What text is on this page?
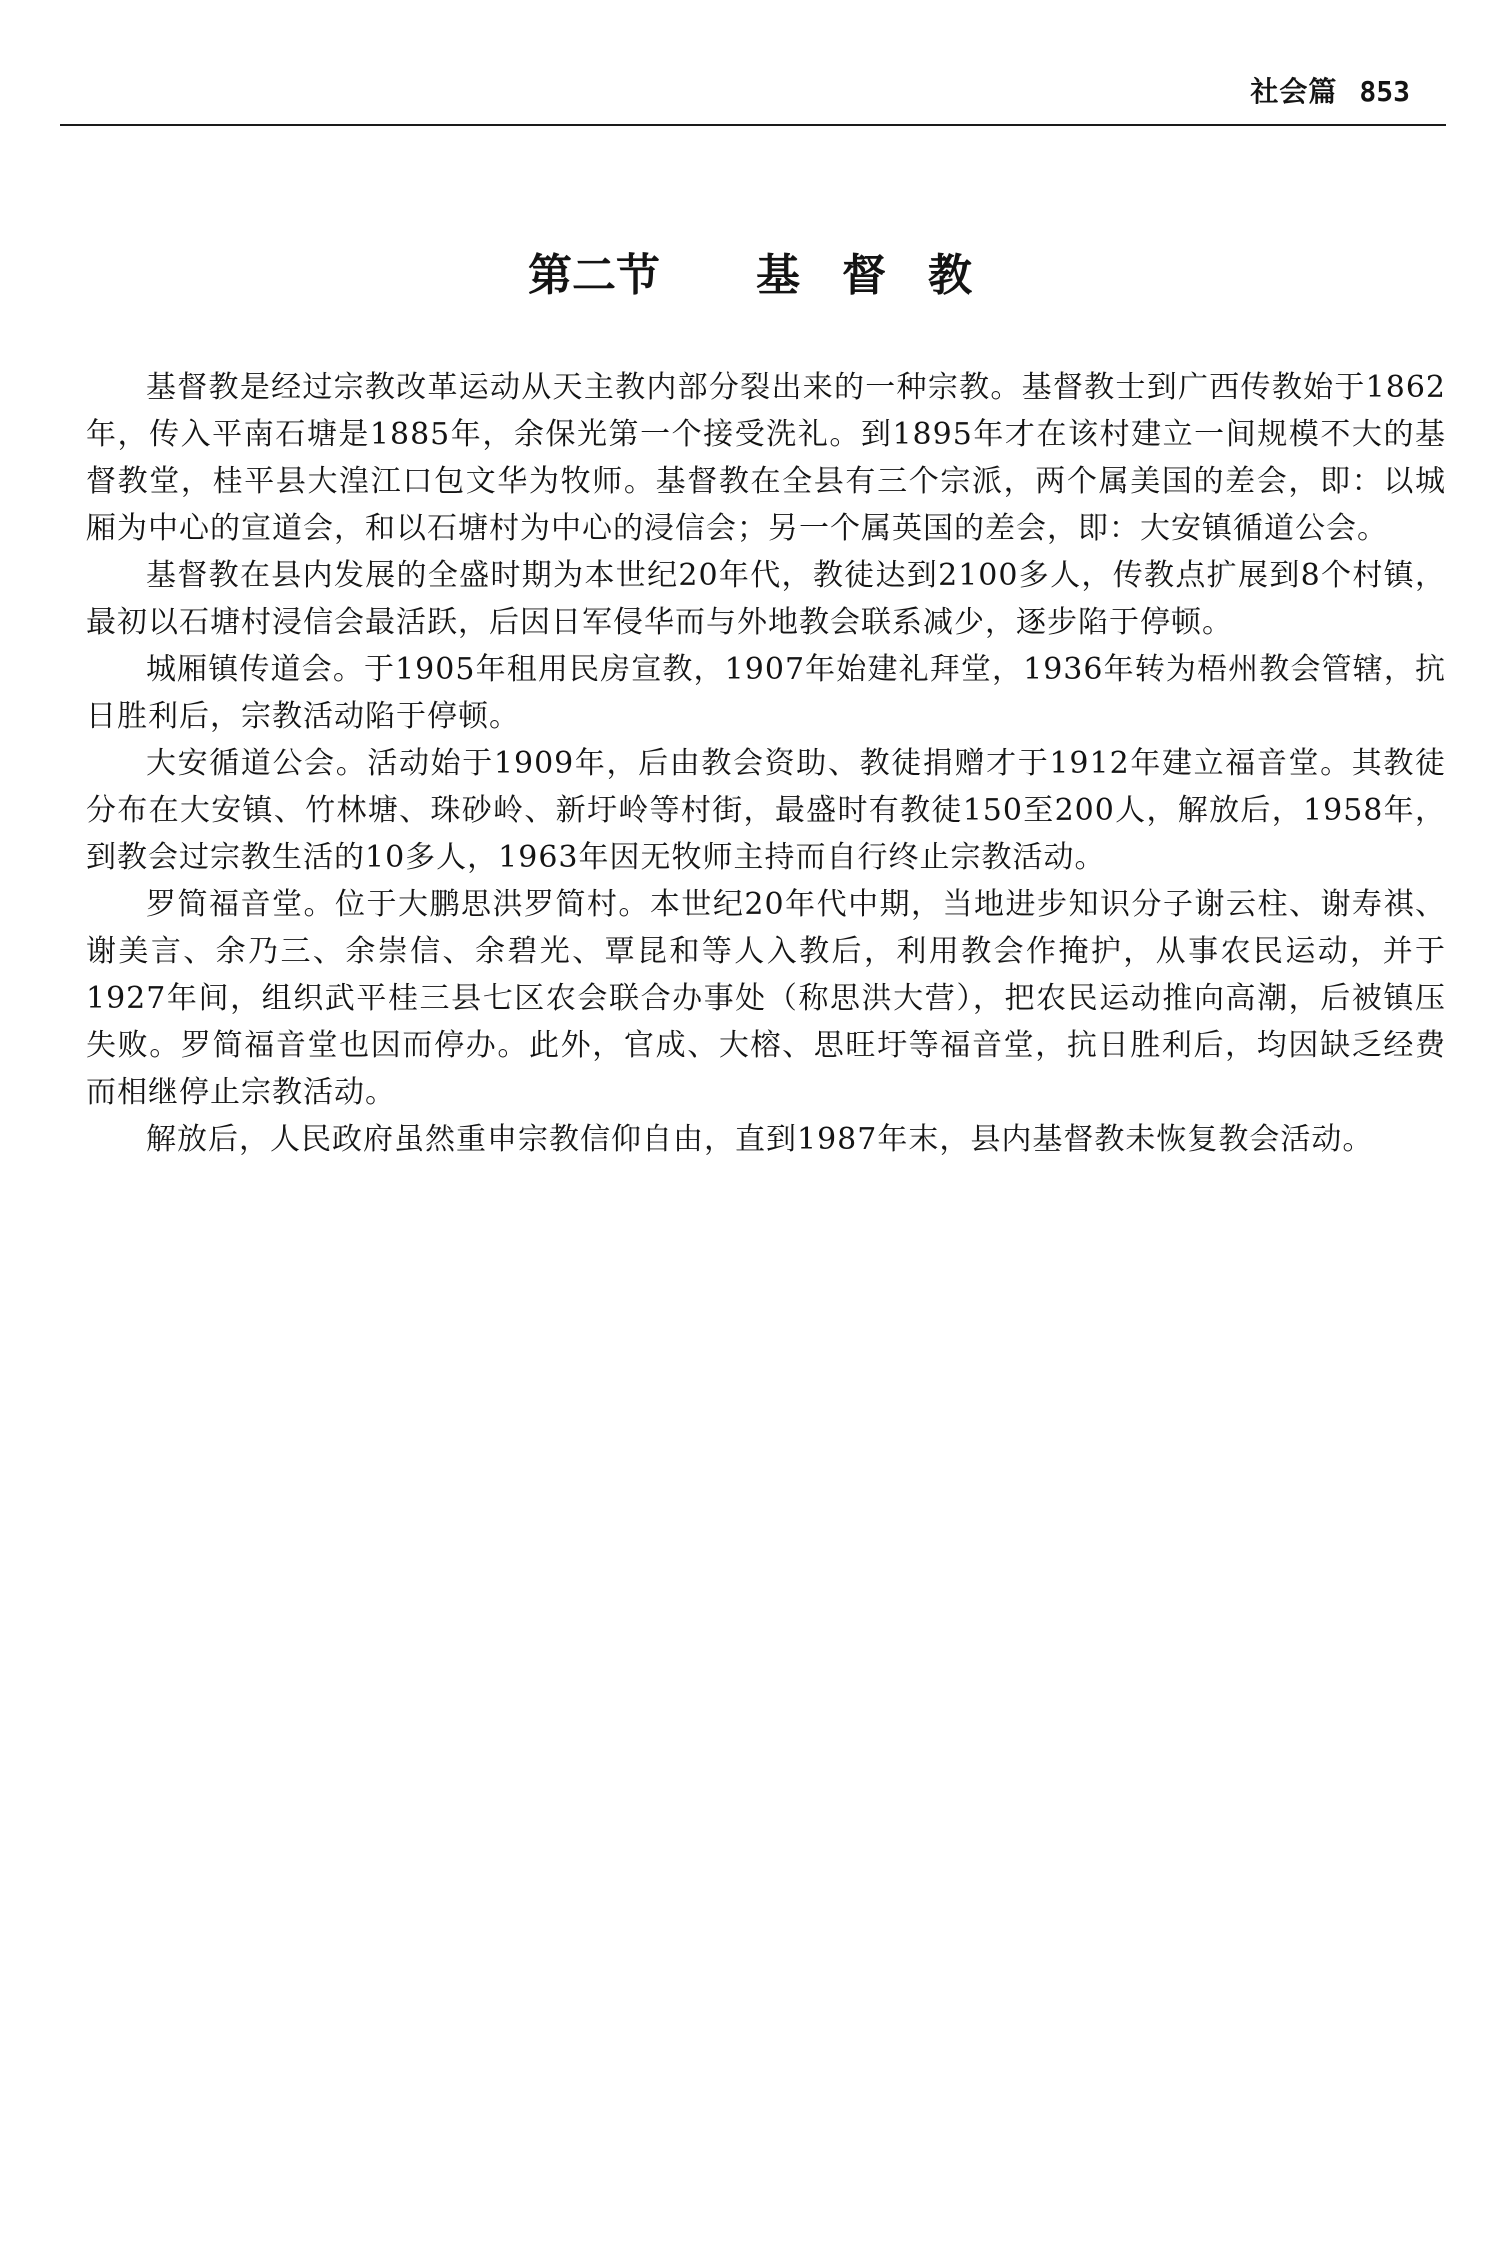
社会篇 853
第二节 基督教

基督教是经过宗教改革运动从天主教内部分裂出来的一种宗教。基督教士到广西传教始于1862年，传入平南石塘是1885年，余保光第一个接受洗礼。到1895年才在该村建立一间规模不大的基督教堂，桂平县大湟江口包文华为牧师。基督教在全县有三个宗派，两个属美国的差会，即：以城厢为中心的宣道会，和以石塘村为中心的浸信会；另一个属英国的差会，即：大安镇循道公会。

基督教在县内发展的全盛时期为本世纪20年代，教徒达到2100多人，传教点扩展到8个村镇，最初以石塘村浸信会最活跃，后因日军侵华而与外地教会联系减少，逐步陷于停顿。

城厢镇传道会。于1905年租用民房宣教，1907年始建礼拜堂，1936年转为梧州教会管辖，抗日胜利后，宗教活动陷于停顿。

大安循道公会。活动始于1909年，后由教会资助、教徒捐赠才于1912年建立福音堂。其教徒分布在大安镇、竹林塘、珠砂岭、新圩岭等村街，最盛时有教徒150至200人，解放后，1958年，到教会过宗教生活的10多人，1963年因无牧师主持而自行终止宗教活动。

罗简福音堂。位于大鹏思洪罗简村。本世纪20年代中期，当地进步知识分子谢云柱、谢寿祺、谢美言、余乃三、余崇信、余碧光、覃昆和等人入教后，利用教会作掩护，从事农民运动，并于1927年间，组织武平桂三县七区农会联合办事处（称思洪大营），把农民运动推向高潮，后被镇压失败。罗简福音堂也因而停办。此外，官成、大榕、思旺圩等福音堂，抗日胜利后，均因缺乏经费而相继停止宗教活动。

解放后，人民政府虽然重申宗教信仰自由，直到1987年末，县内基督教未恢复教会活动。
